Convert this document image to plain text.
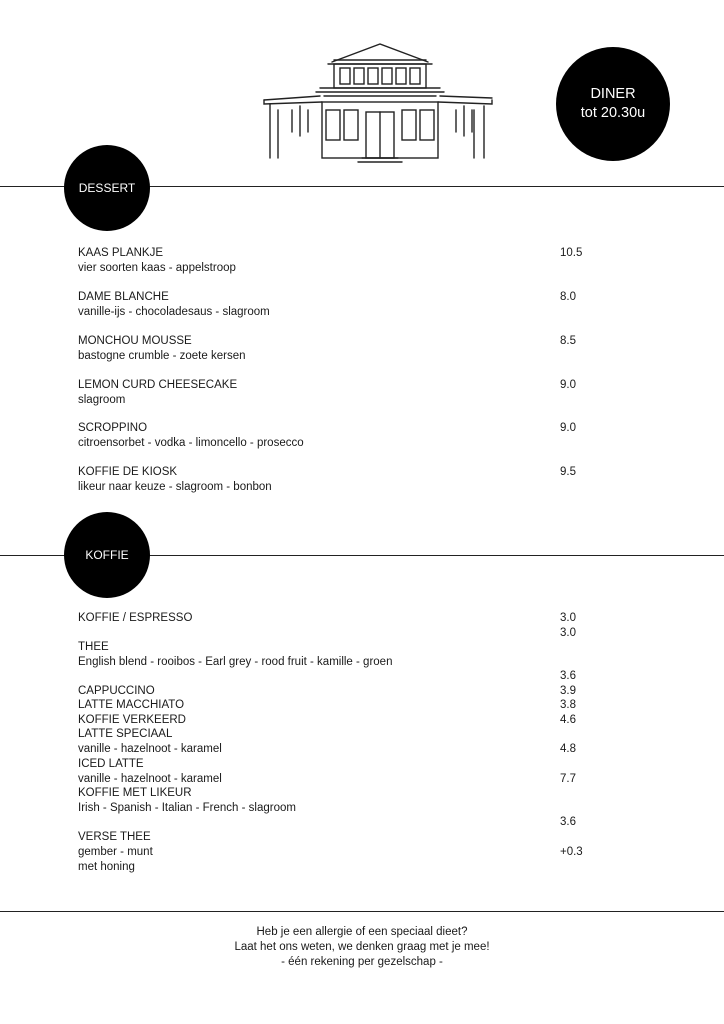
DINER
tot 20.30u
DESSERT
KAAS PLANKJE
vier soorten kaas - appelstroop
10.5
DAME BLANCHE
vanille-ijs - chocoladesaus - slagroom
8.0
MONCHOU MOUSSE
bastogne crumble - zoete kersen
8.5
LEMON CURD CHEESECAKE
slagroom
9.0
SCROPPINO
citroensorbet - vodka - limoncello - prosecco
9.0
KOFFIE DE KIOSK
likeur naar keuze - slagroom - bonbon
9.5
KOFFIE
KOFFIE / ESPRESSO
THEE
English blend - rooibos - Earl grey - rood fruit - kamille - groen
CAPPUCCINO
LATTE MACCHIATO
KOFFIE VERKEERD
LATTE SPECIAAL
vanille - hazelnoot - karamel
ICED LATTE
vanille - hazelnoot - karamel
KOFFIE MET LIKEUR
Irish - Spanish - Italian - French - slagroom
VERSE THEE
gember - munt
met honing
3.0
3.0
3.6
3.9
3.8
4.6
4.8
7.7
3.6
+0.3
Heb je een allergie of een speciaal dieet?
Laat het ons weten, we denken graag met je mee!
- één rekening per gezelschap -
